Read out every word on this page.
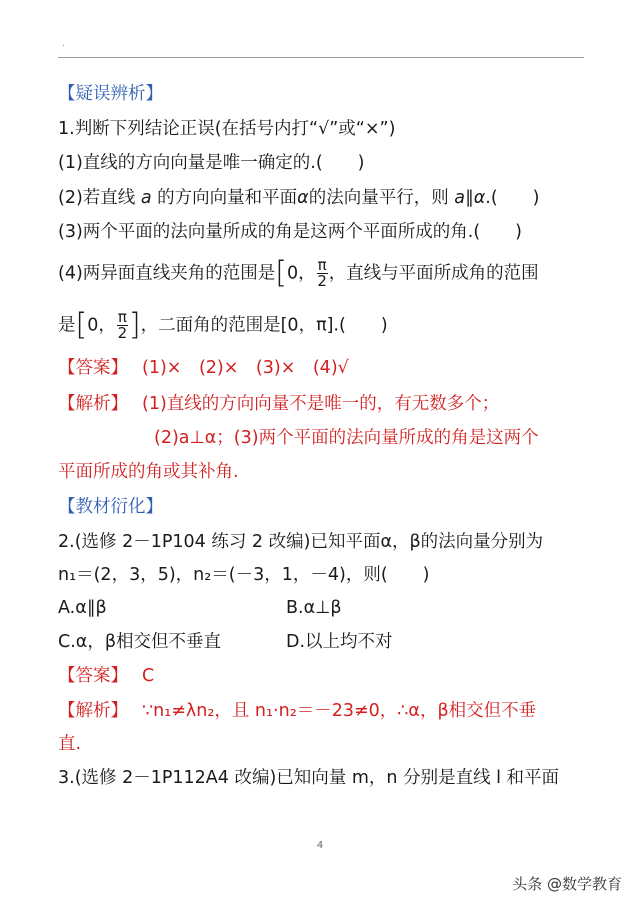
.
【疑误辨析】
1.判断下列结论正误(在括号内打“√”或“×”)
(1)直线的方向向量是唯一确定的.(　　)
(2)若直线 a 的方向向量和平面α的法向量平行，则 a∥α.(　　)
(3)两个平面的法向量所成的角是这两个平面所成的角.(　　)
(4)两异面直线夹角的范围是[0， $\frac{\pi}{2}$ ，直线与平面所成角的范围
是[0， $\frac{\pi}{2}$ ]，二面角的范围是[0，π].(　　)
【答案】 (1)×　(2)×　(3)×　(4)√
【解析】 (1)直线的方向向量不是唯一的，有无数多个；
(2)a⊥α；(3)两个平面的法向量所成的角是这两个
平面所成的角或其补角.
【教材衍化】
2.(选修 2－1P104 练习 2 改编)已知平面α，β的法向量分别为
n₁＝(2，3，5)，n₂＝(－3，1，－4)，则(　　)
A.α∥β	B.α⊥β
C.α，β相交但不垂直	D.以上均不对
【答案】 C
【解析】 ∵n₁≠λn₂，且 n₁·n₂＝－23≠0，∴α，β相交但不垂
直.
3.(选修 2－1P112A4 改编)已知向量 m，n 分别是直线 l 和平面
4
头条 @数学教育
